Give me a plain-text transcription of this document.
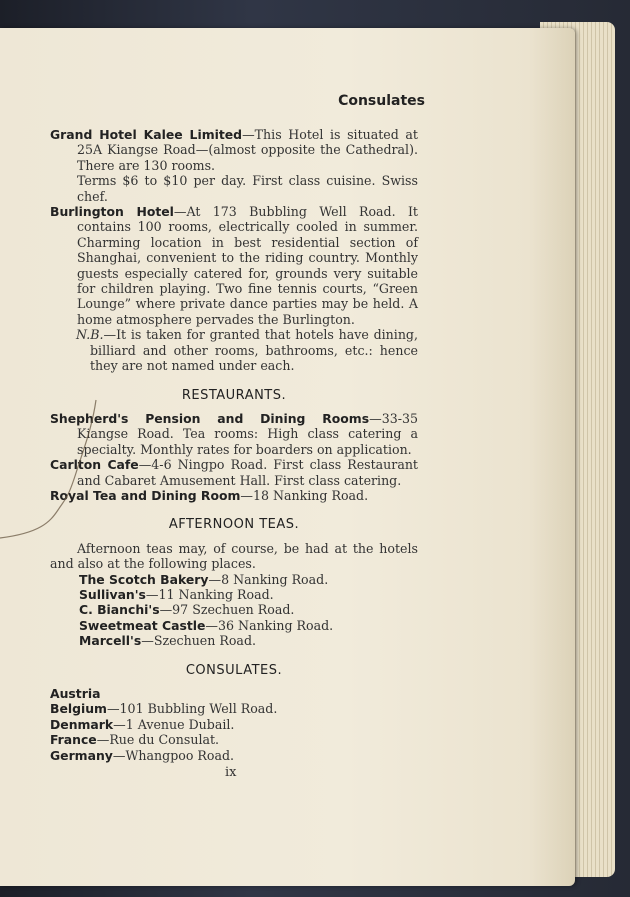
Consulates

Grand Hotel Kalee Limited—This Hotel is situated at 25A Kiangse Road—(almost opposite the Cathedral). There are 130 rooms.

Terms $6 to $10 per day. First class cuisine. Swiss chef.

Burlington Hotel—At 173 Bubbling Well Road. It contains 100 rooms, electrically cooled in summer. Charming location in best residential section of Shanghai, convenient to the riding country. Monthly guests especially catered for, grounds very suitable for children playing. Two fine tennis courts, “Green Lounge” where private dance parties may be held. A home atmosphere pervades the Burlington.

N.B.—It is taken for granted that hotels have dining, billiard and other rooms, bathrooms, etc.: hence they are not named under each.

RESTAURANTS.

Shepherd's Pension and Dining Rooms—33-35 Kiangse Road. Tea rooms: High class catering a specialty. Monthly rates for boarders on application.

Carlton Cafe—4-6 Ningpo Road. First class Restaurant and Cabaret Amusement Hall. First class catering.

Royal Tea and Dining Room—18 Nanking Road.

AFTERNOON TEAS.

Afternoon teas may, of course, be had at the hotels and also at the following places.

The Scotch Bakery—8 Nanking Road.

Sullivan's—11 Nanking Road.

C. Bianchi's—97 Szechuen Road.

Sweetmeat Castle—36 Nanking Road.

Marcell's—Szechuen Road.

CONSULATES.

Austria

Belgium—101 Bubbling Well Road.

Denmark—1 Avenue Dubail.

France—Rue du Consulat.

Germany—Whangpoo Road.

ix
